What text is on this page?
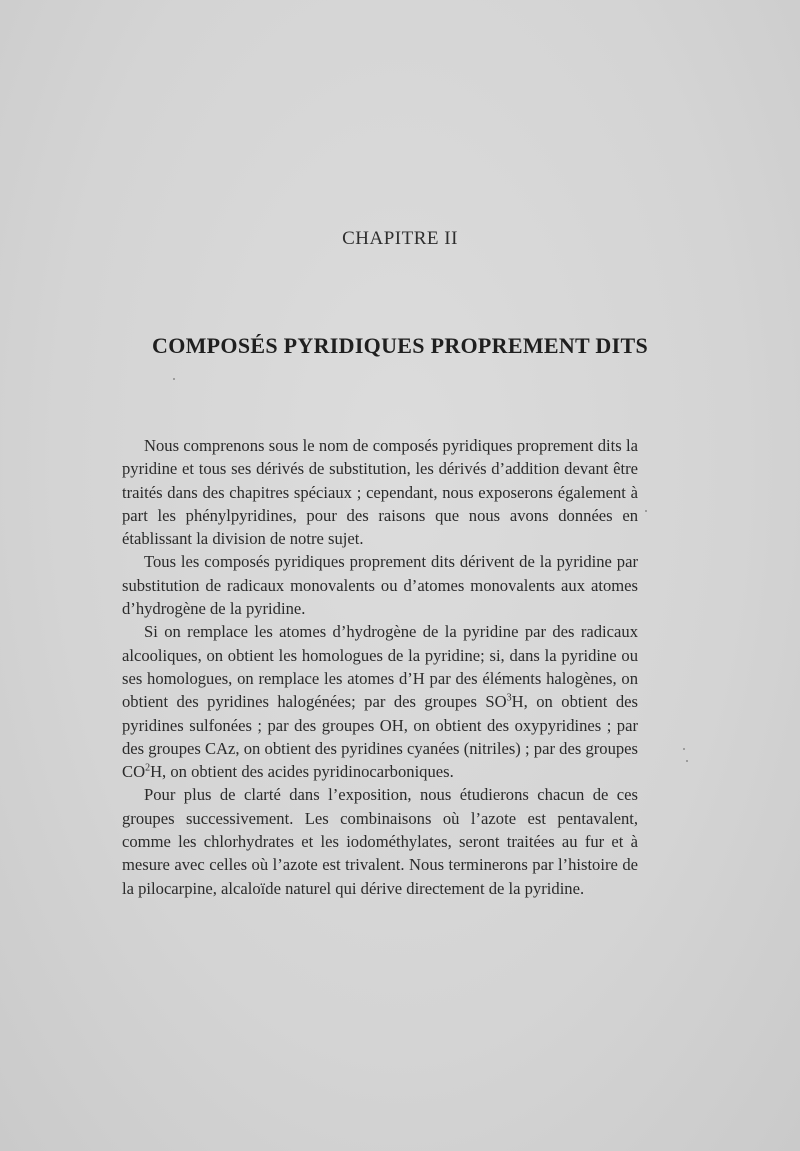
CHAPITRE II
COMPOSÉS PYRIDIQUES PROPREMENT DITS

Nous comprenons sous le nom de composés pyridiques proprement dits la pyridine et tous ses dérivés de substitution, les dérivés d’addition devant être traités dans des chapitres spéciaux ; cependant, nous exposerons également à part les phénylpyridines, pour des raisons que nous avons données en établissant la division de notre sujet.

Tous les composés pyridiques proprement dits dérivent de la pyridine par substitution de radicaux monovalents ou d’atomes monovalents aux atomes d’hydrogène de la pyridine.

Si on remplace les atomes d’hydrogène de la pyridine par des radicaux alcooliques, on obtient les homologues de la pyridine; si, dans la pyridine ou ses homologues, on remplace les atomes d’H par des éléments halogènes, on obtient des pyridines halogénées; par des groupes $SO^3H$, on obtient des pyridines sulfonées ; par des groupes OH, on obtient des oxypyridines ; par des groupes CAz, on obtient des pyridines cyanées (nitriles) ; par des groupes $CO^2H$, on obtient des acides pyridinocarboniques.

Pour plus de clarté dans l’exposition, nous étudierons chacun de ces groupes successivement. Les combinaisons où l’azote est pentavalent, comme les chlorhydrates et les iodométhylates, seront traitées au fur et à mesure avec celles où l’azote est trivalent. Nous terminerons par l’histoire de la pilocarpine, alcaloïde naturel qui dérive directement de la pyridine.
